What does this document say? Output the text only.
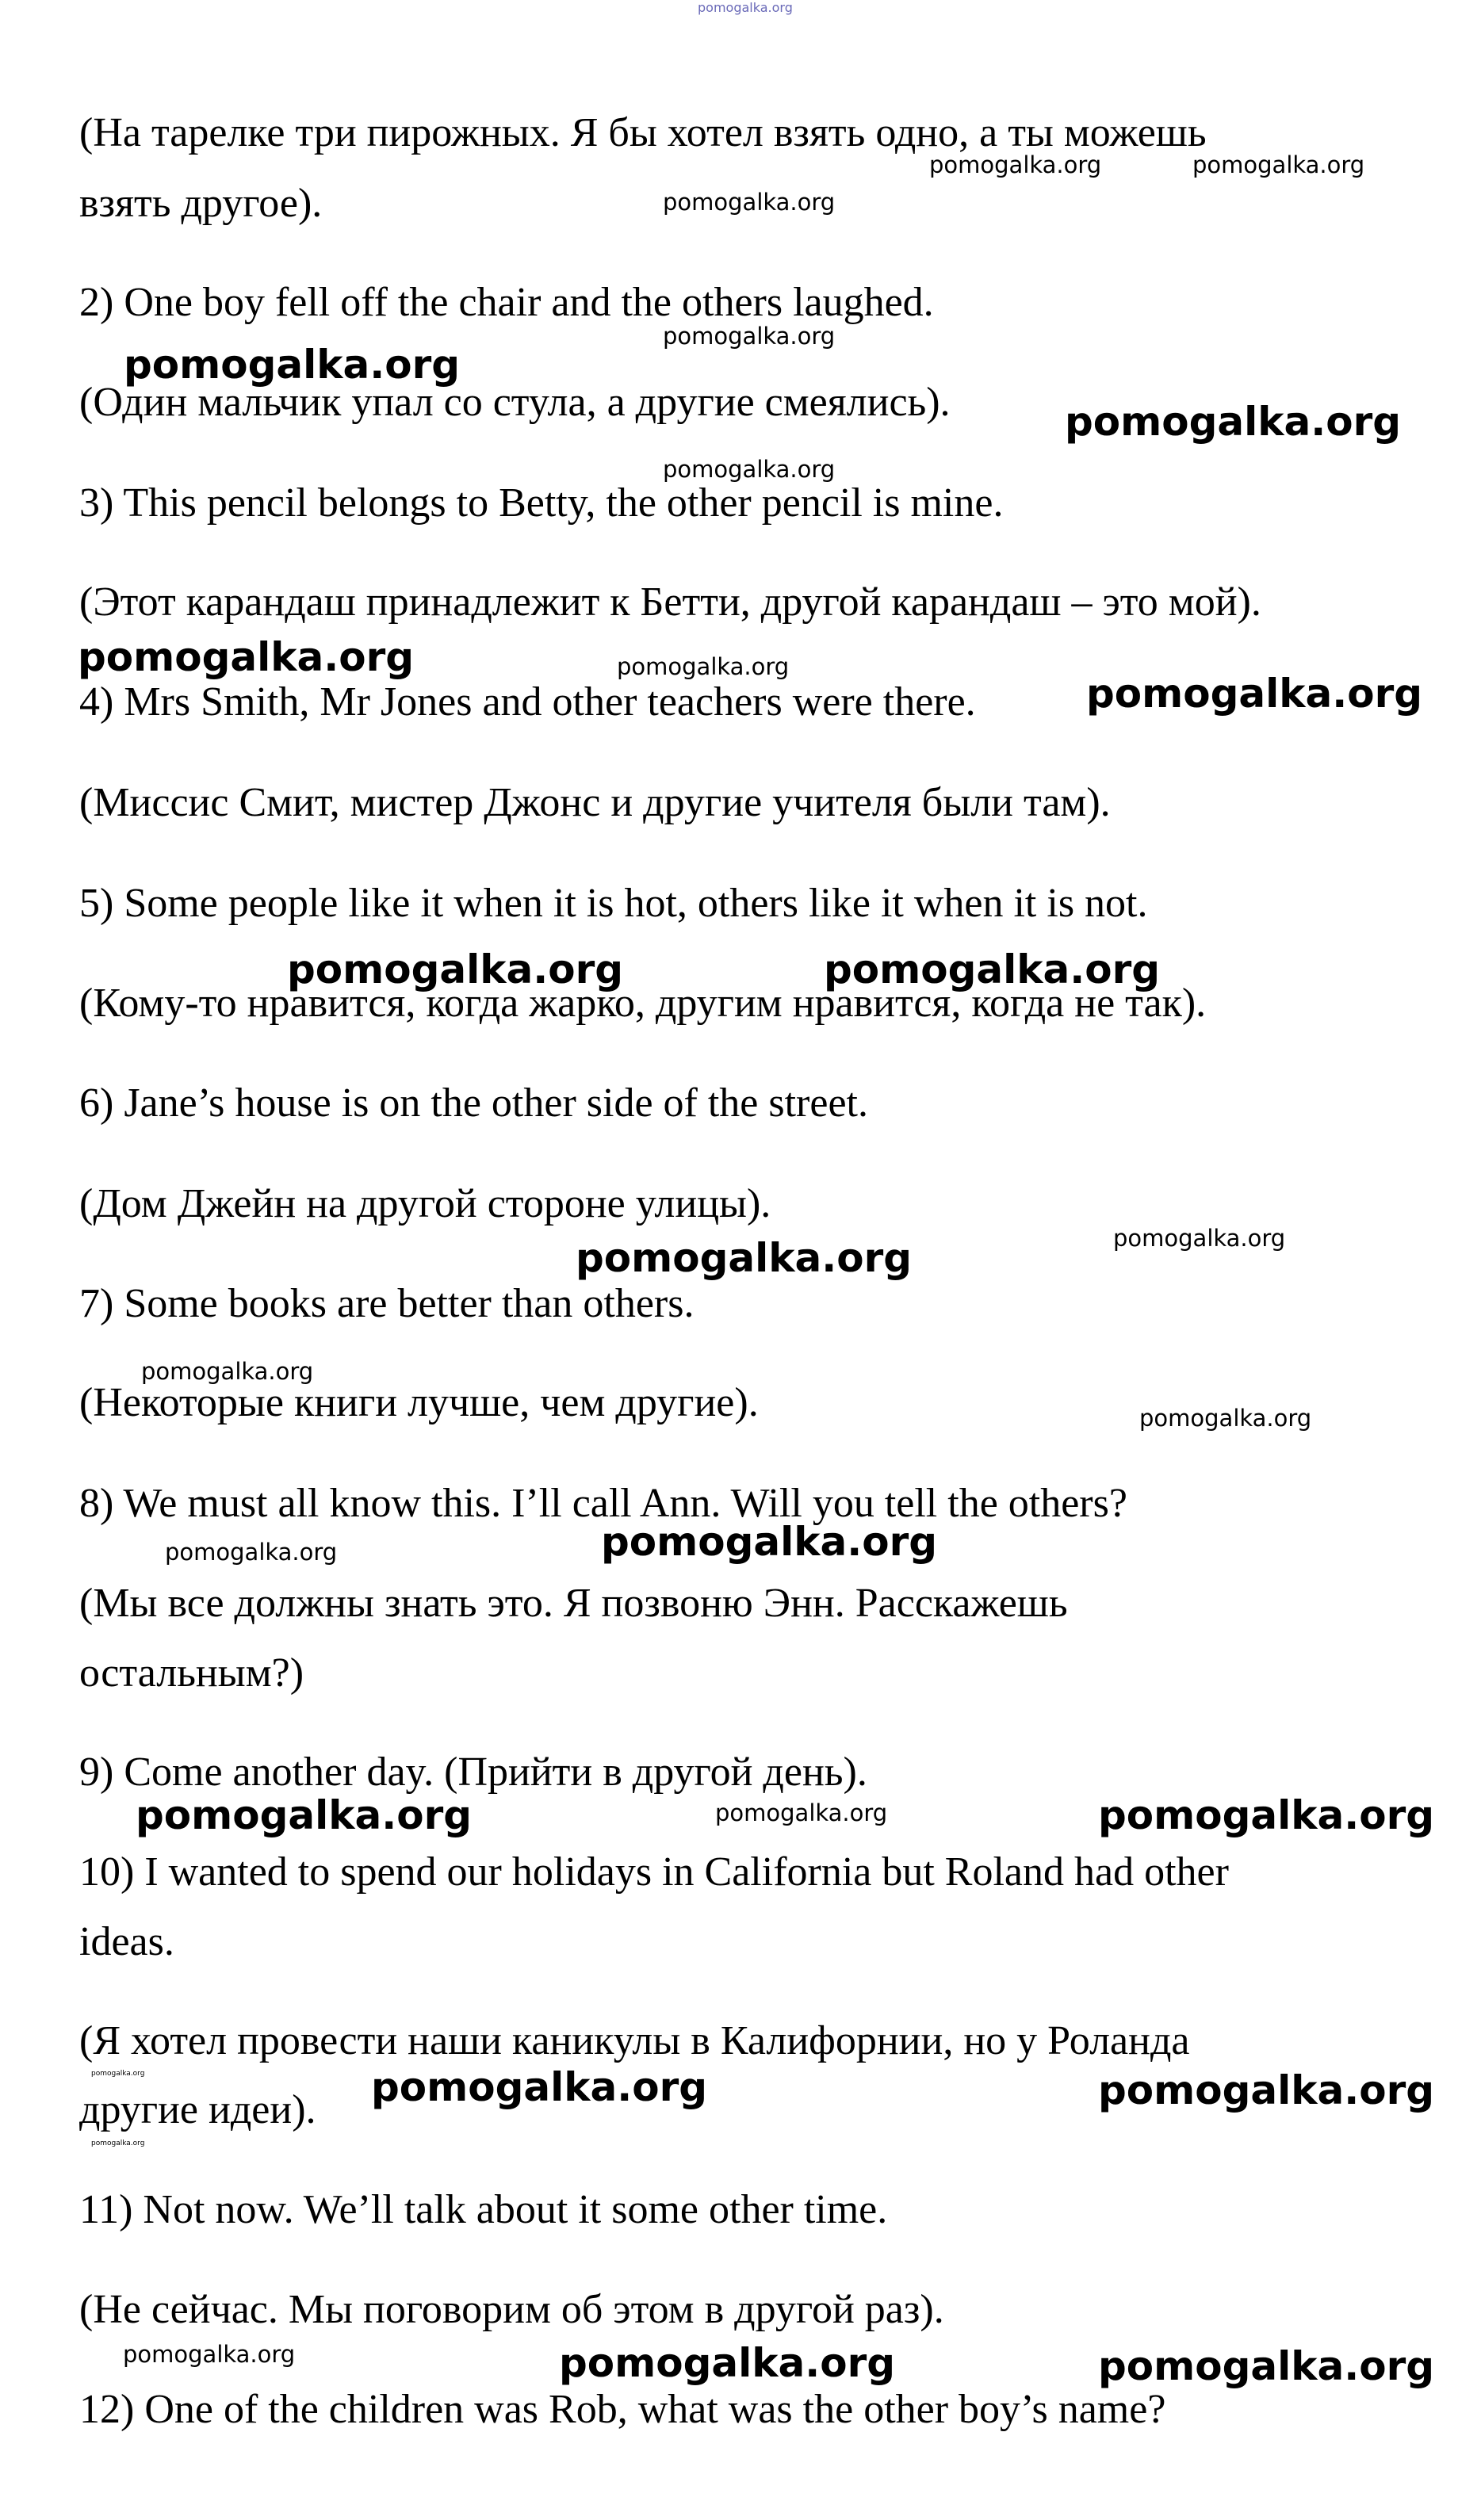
pomogalka.org
(На тарелке три пирожных. Я бы хотел взять одно, а ты можешь
взять другое).
2) One boy fell off the chair and the others laughed.
(Один мальчик упал со стула, а другие смеялись).
3) This pencil belongs to Betty, the other pencil is mine.
(Этот карандаш принадлежит к Бетти, другой карандаш – это мой).
4) Mrs Smith, Mr Jones and other teachers were there.
(Миссис Смит, мистер Джонс и другие учителя были там).
5) Some people like it when it is hot, others like it when it is not.
(Кому-то нравится, когда жарко, другим нравится, когда не так).
6) Jane’s house is on the other side of the street.
(Дом Джейн на другой стороне улицы).
7) Some books are better than others.
(Некоторые книги лучше, чем другие).
8) We must all know this. I’ll call Ann. Will you tell the others?
(Мы все должны знать это. Я позвоню Энн. Расскажешь
остальным?)
9) Come another day. (Прийти в другой день).
10) I wanted to spend our holidays in California but Roland had other
ideas.
(Я хотел провести наши каникулы в Калифорнии, но у Роланда
другие идеи).
11) Not now. We’ll talk about it some other time.
(Не сейчас. Мы поговорим об этом в другой раз).
12) One of the children was Rob, what was the other boy’s name?
pomogalka.org	pomogalka.org
pomogalka.org
pomogalka.org
pomogalka.org
pomogalka.org
pomogalka.org
pomogalka.org	pomogalka.org
pomogalka.org
pomogalka.org	pomogalka.org
pomogalka.org
pomogalka.org
pomogalka.org
pomogalka.org
pomogalka.org
pomogalka.org
pomogalka.org
pomogalka.org	pomogalka.org
pomogalka.org	pomogalka.org	pomogalka.org
pomogalka.org
pomogalka.org	pomogalka.org	pomogalka.org
